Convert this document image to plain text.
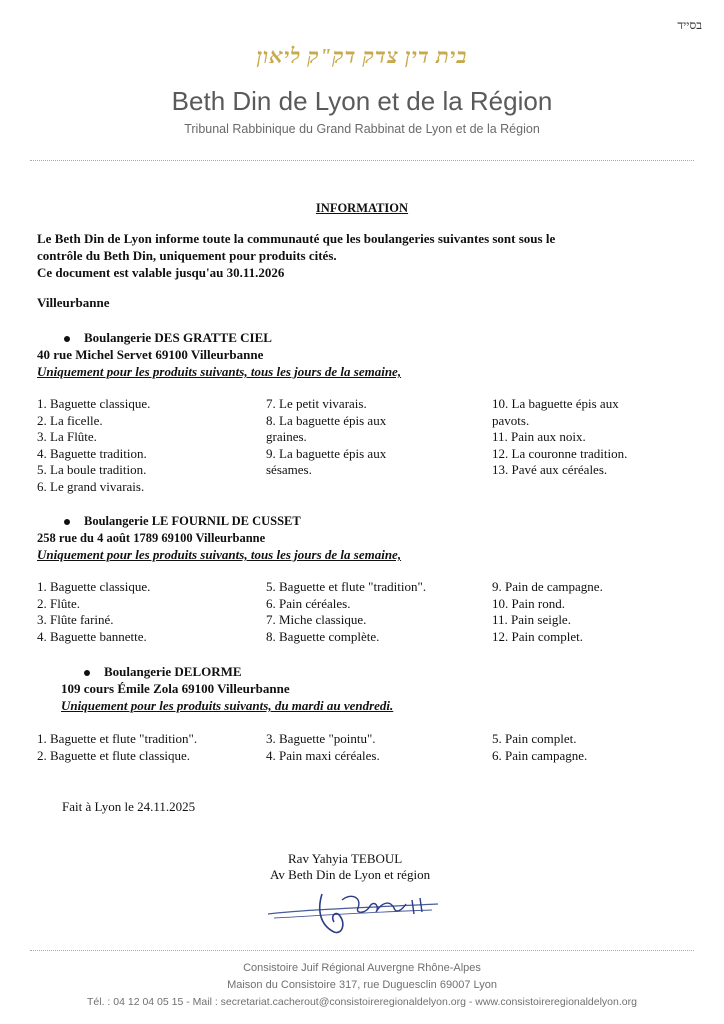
בסייד
בית דין צדק דק"ק ליאון
Beth Din de Lyon et de la Région
Tribunal Rabbinique du Grand Rabbinat de Lyon et de la Région
INFORMATION
Le Beth Din de Lyon informe toute la communauté que les boulangeries suivantes sont sous le
contrôle du Beth Din, uniquement pour produits cités.
Ce document est valable jusqu'au 30.11.2026
Villeurbanne
Boulangerie DES GRATTE CIEL
40 rue Michel Servet 69100 Villeurbanne
Uniquement pour les produits suivants, tous les jours de la semaine,
1. Baguette classique.
2. La ficelle.
3. La Flûte.
4. Baguette tradition.
5. La boule tradition.
6. Le grand vivarais.
7. Le petit vivarais.
8. La baguette épis aux
graines.
9. La baguette épis aux
sésames.
10. La baguette épis aux
pavots.
11. Pain aux noix.
12. La couronne tradition.
13. Pavé aux céréales.
Boulangerie LE FOURNIL DE CUSSET
258 rue du 4 août 1789 69100 Villeurbanne
Uniquement pour les produits suivants, tous les jours de la semaine,
1. Baguette classique.
2. Flûte.
3. Flûte fariné.
4. Baguette bannette.
5. Baguette et flute "tradition".
6. Pain céréales.
7. Miche classique.
8. Baguette complète.
9. Pain de campagne.
10. Pain rond.
11. Pain seigle.
12. Pain complet.
Boulangerie DELORME
109 cours Émile Zola 69100 Villeurbanne
Uniquement pour les produits suivants, du mardi au vendredi.
1. Baguette et flute "tradition".
2. Baguette et flute classique.
3. Baguette "pointu".
4. Pain maxi céréales.
5. Pain complet.
6. Pain campagne.
Fait à Lyon le 24.11.2025
Rav Yahyia TEBOUL
Av Beth Din de Lyon et région
Consistoire Juif Régional Auvergne Rhône-Alpes
Maison du Consistoire 317, rue Duguesclin 69007 Lyon
Tél. : 04 12 04 05 15 - Mail : secretariat.cacherout@consistoireregionaldelyon.org - www.consistoireregionaldelyon.org
